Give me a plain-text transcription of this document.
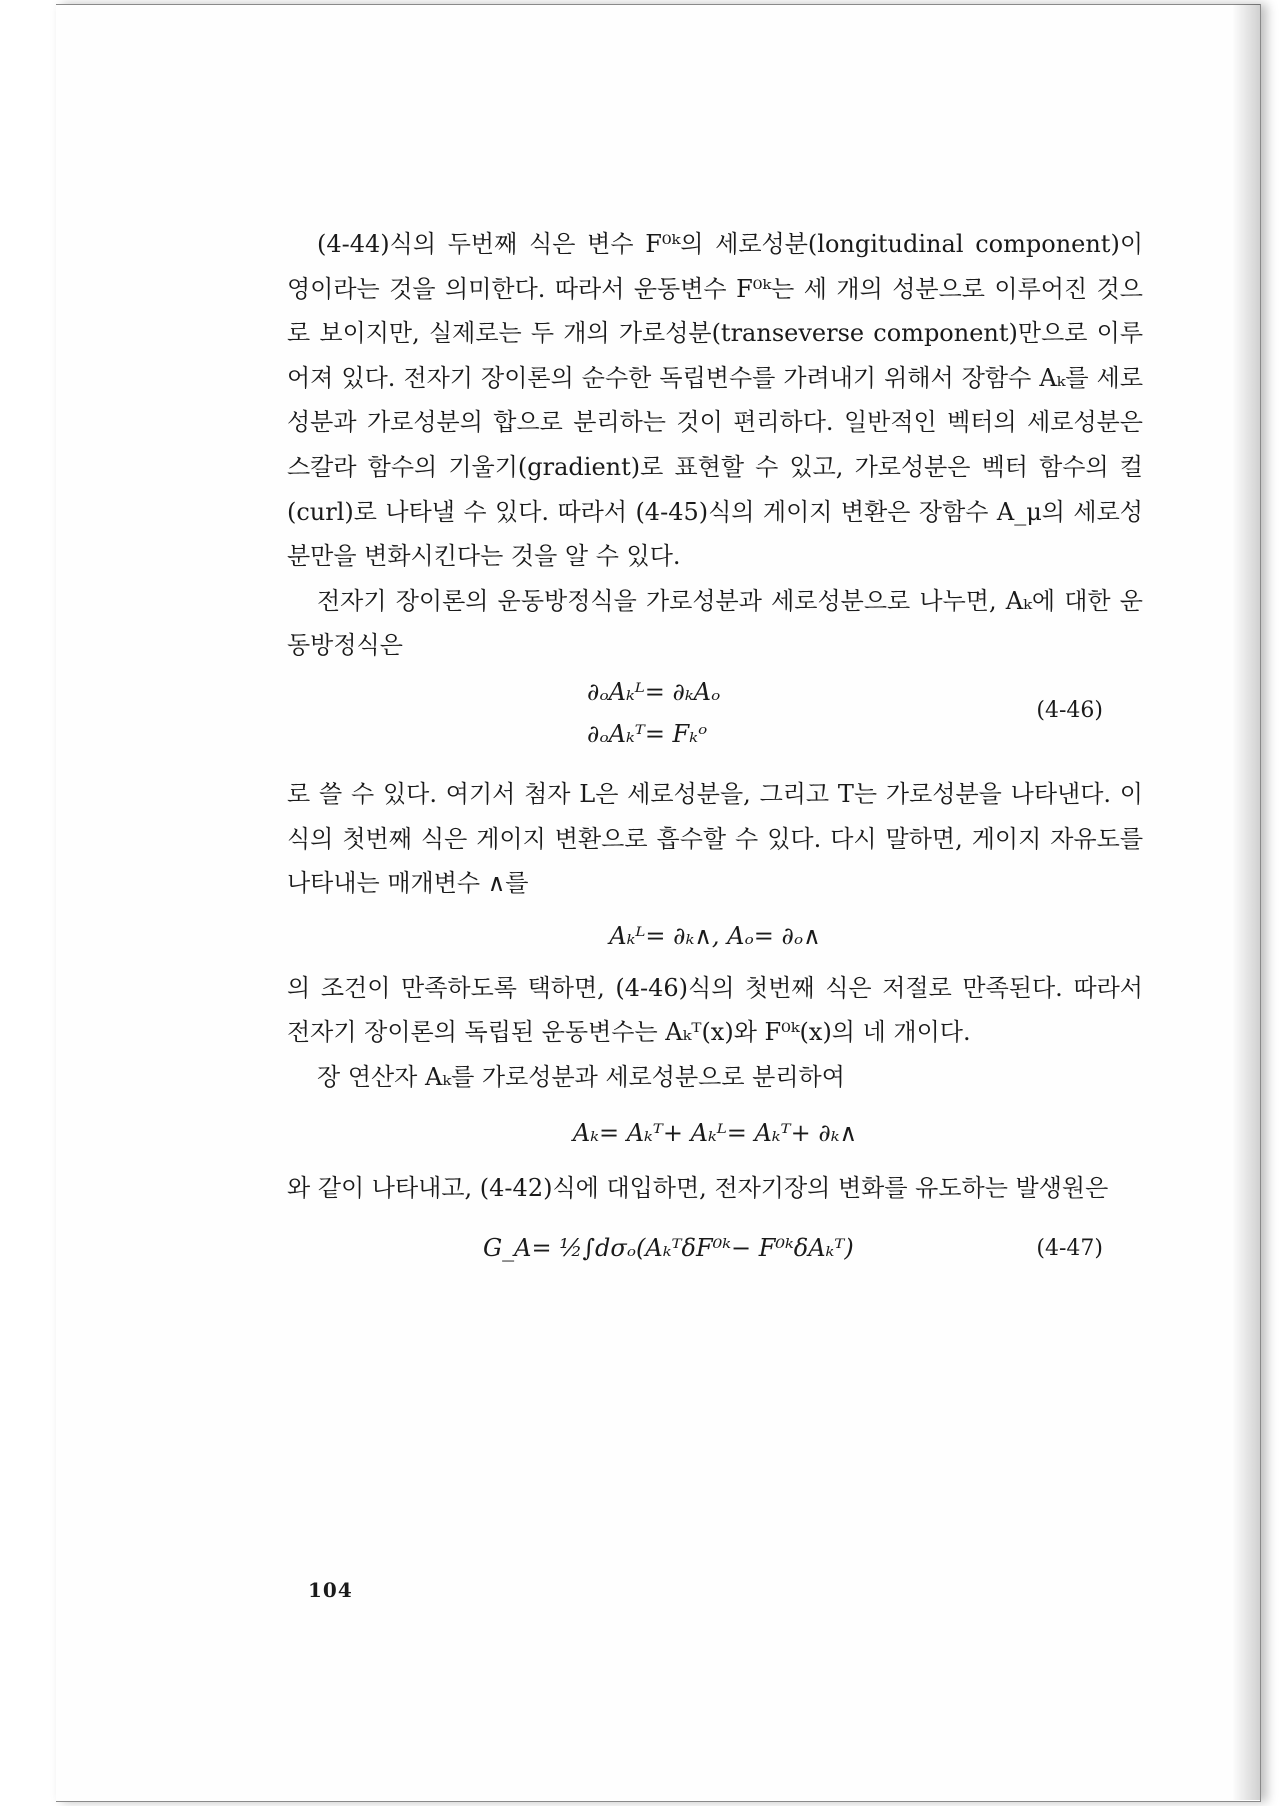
(4-44)식의 두번째 식은 변수 F⁰ᵏ의 세로성분(longitudinal component)이 영이라는 것을 의미한다. 따라서 운동변수 F⁰ᵏ는 세 개의 성분으로 이루어진 것으로 보이지만, 실제로는 두 개의 가로성분(transeverse component)만으로 이루어져 있다. 전자기 장이론의 순수한 독립변수를 가려내기 위해서 장함수 Aₖ를 세로성분과 가로성분의 합으로 분리하는 것이 편리하다. 일반적인 벡터의 세로성분은 스칼라 함수의 기울기(gradient)로 표현할 수 있고, 가로성분은 벡터 함수의 컬(curl)로 나타낼 수 있다. 따라서 (4-45)식의 게이지 변환은 장함수 A_μ의 세로성분만을 변화시킨다는 것을 알 수 있다.

전자기 장이론의 운동방정식을 가로성분과 세로성분으로 나누면, Aₖ에 대한 운동방정식은

∂ₒAₖᴸ= ∂ₖAₒ
∂ₒAₖᵀ= Fₖᵒ
(4-46)

로 쓸 수 있다. 여기서 첨자 L은 세로성분을, 그리고 T는 가로성분을 나타낸다. 이 식의 첫번째 식은 게이지 변환으로 흡수할 수 있다. 다시 말하면, 게이지 자유도를 나타내는 매개변수 ∧를

Aₖᴸ= ∂ₖ∧, Aₒ= ∂ₒ∧

의 조건이 만족하도록 택하면, (4-46)식의 첫번째 식은 저절로 만족된다. 따라서 전자기 장이론의 독립된 운동변수는 Aₖᵀ(x)와 F⁰ᵏ(x)의 네 개이다.

장 연산자 Aₖ를 가로성분과 세로성분으로 분리하여

Aₖ= Aₖᵀ+ Aₖᴸ= Aₖᵀ+ ∂ₖ∧

와 같이 나타내고, (4-42)식에 대입하면, 전자기장의 변화를 유도하는 발생원은

G_A= ½∫dσₒ(AₖᵀδF⁰ᵏ− F⁰ᵏδAₖᵀ)	(4-47)
104
